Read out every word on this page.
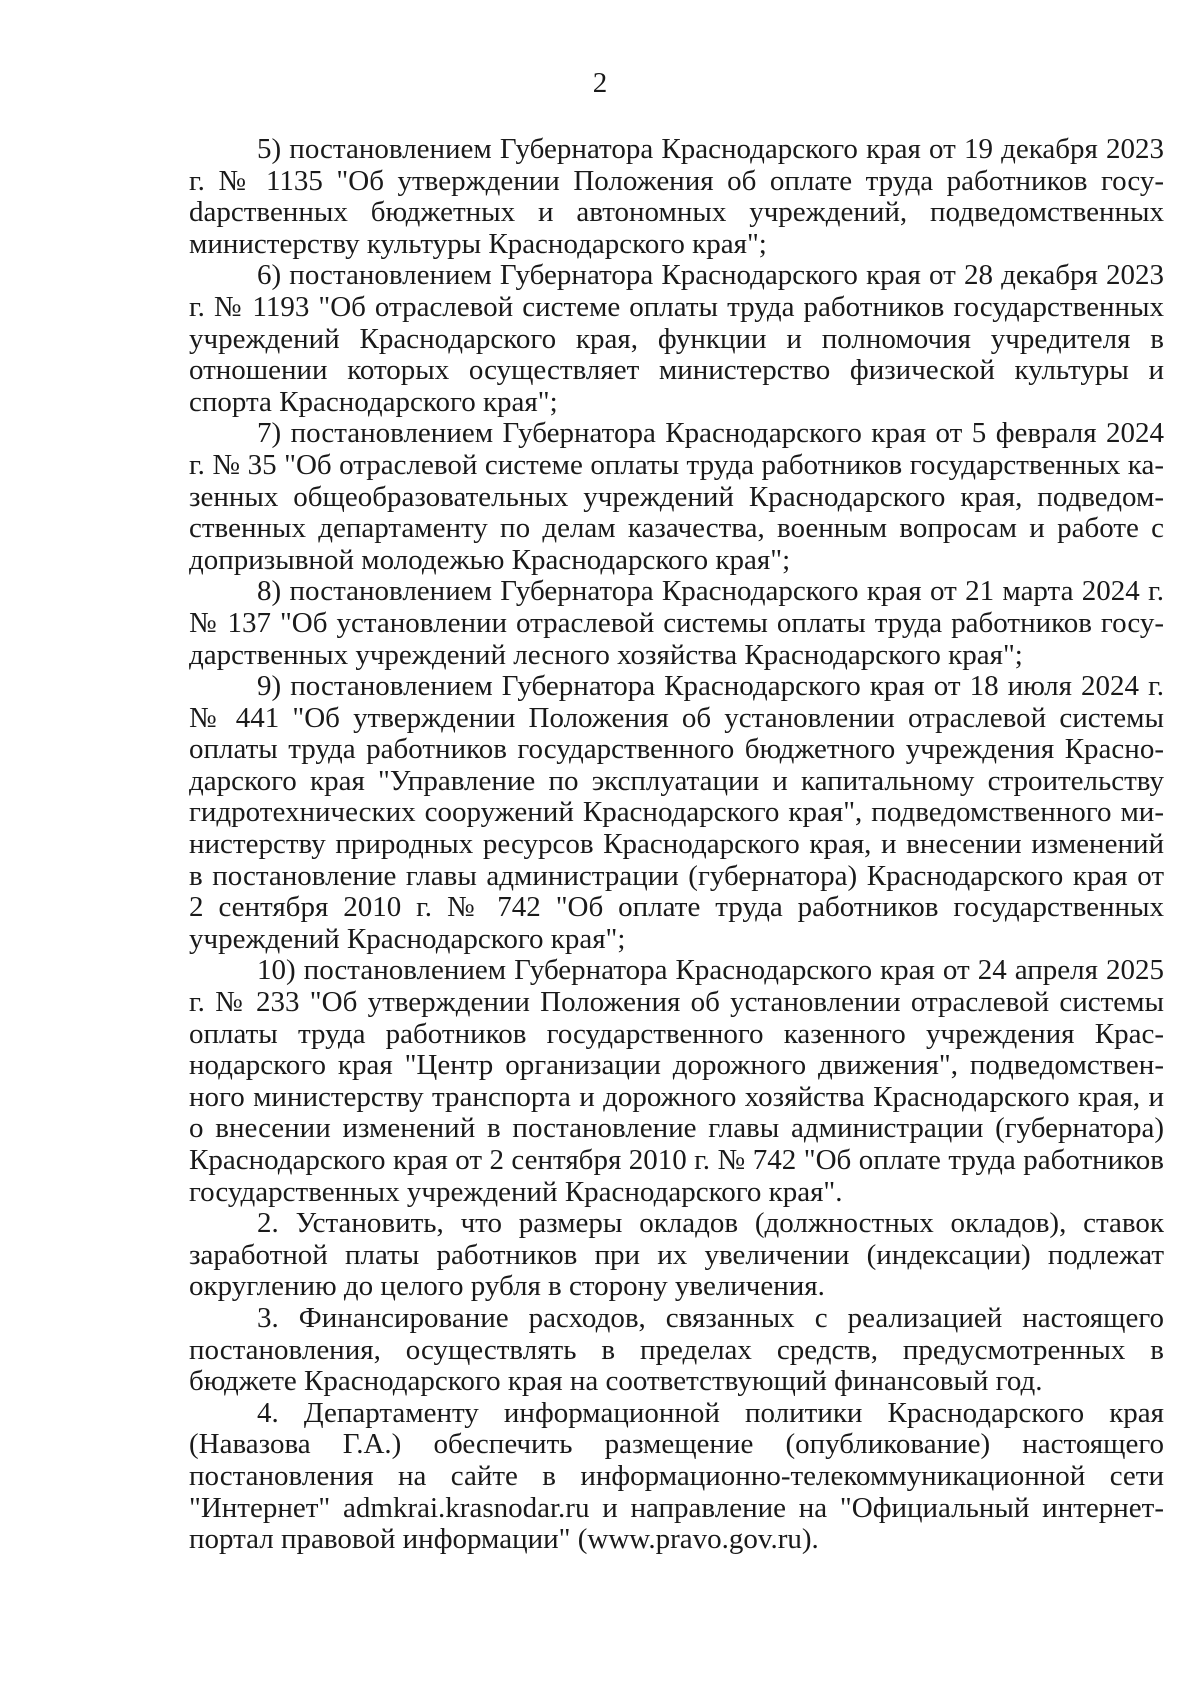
2

5) постановлением Губернатора Краснодарского края от 19 декабря 2023 г. № 1135 "Об утверждении Положения об оплате труда работников госуdарственных бюджетных и автономных учреждений, подведомственных министерству культуры Краснодарского края";

6) постановлением Губернатора Краснодарского края от 28 декабря 2023 г. № 1193 "Об отраслевой системе оплаты труда работников государственных учреждений Краснодарского края, функции и полномочия учредителя в отношении которых осуществляет министерство физической культуры и спорта Краснодарского края";

7) постановлением Губернатора Краснодарского края от 5 февраля 2024 г. № 35 "Об отраслевой системе оплаты труда работников государственных казенных общеобразовательных учреждений Краснодарского края, подведомственных департаменту по делам казачества, военным вопросам и работе с допризывной молодежью Краснодарского края";

8) постановлением Губернатора Краснодарского края от 21 марта 2024 г. № 137 "Об установлении отраслевой системы оплаты труда работников государственных учреждений лесного хозяйства Краснодарского края";

9) постановлением Губернатора Краснодарского края от 18 июля 2024 г. № 441 "Об утверждении Положения об установлении отраслевой системы оплаты труда работников государственного бюджетного учреждения Краснодарского края "Управление по эксплуатации и капитальному строительству гидротехнических сооружений Краснодарского края", подведомственного министерству природных ресурсов Краснодарского края, и внесении изменений в постановление главы администрации (губернатора) Краснодарского края от 2 сентября 2010 г. № 742 "Об оплате труда работников государственных учреждений Краснодарского края";

10) постановлением Губернатора Краснодарского края от 24 апреля 2025 г. № 233 "Об утверждении Положения об установлении отраслевой системы оплаты труда работников государственного казенного учреждения Краснодарского края "Центр организации дорожного движения", подведомственного министерству транспорта и дорожного хозяйства Краснодарского края, и о внесении изменений в постановление главы администрации (губернатора) Краснодарского края от 2 сентября 2010 г. № 742 "Об оплате труда работников государственных учреждений Краснодарского края".

2. Установить, что размеры окладов (должностных окладов), ставок заработной платы работников при их увеличении (индексации) подлежат округлению до целого рубля в сторону увеличения.

3. Финансирование расходов, связанных с реализацией настоящего постановления, осуществлять в пределах средств, предусмотренных в бюджете Краснодарского края на соответствующий финансовый год.

4. Департаменту информационной политики Краснодарского края (Навазова Г.А.) обеспечить размещение (опубликование) настоящего постановления на сайте в информационно-телекоммуникационной сети "Интернет" admkrai.krasnodar.ru и направление на "Официальный интернет-портал правовой информации" (www.pravo.gov.ru).
